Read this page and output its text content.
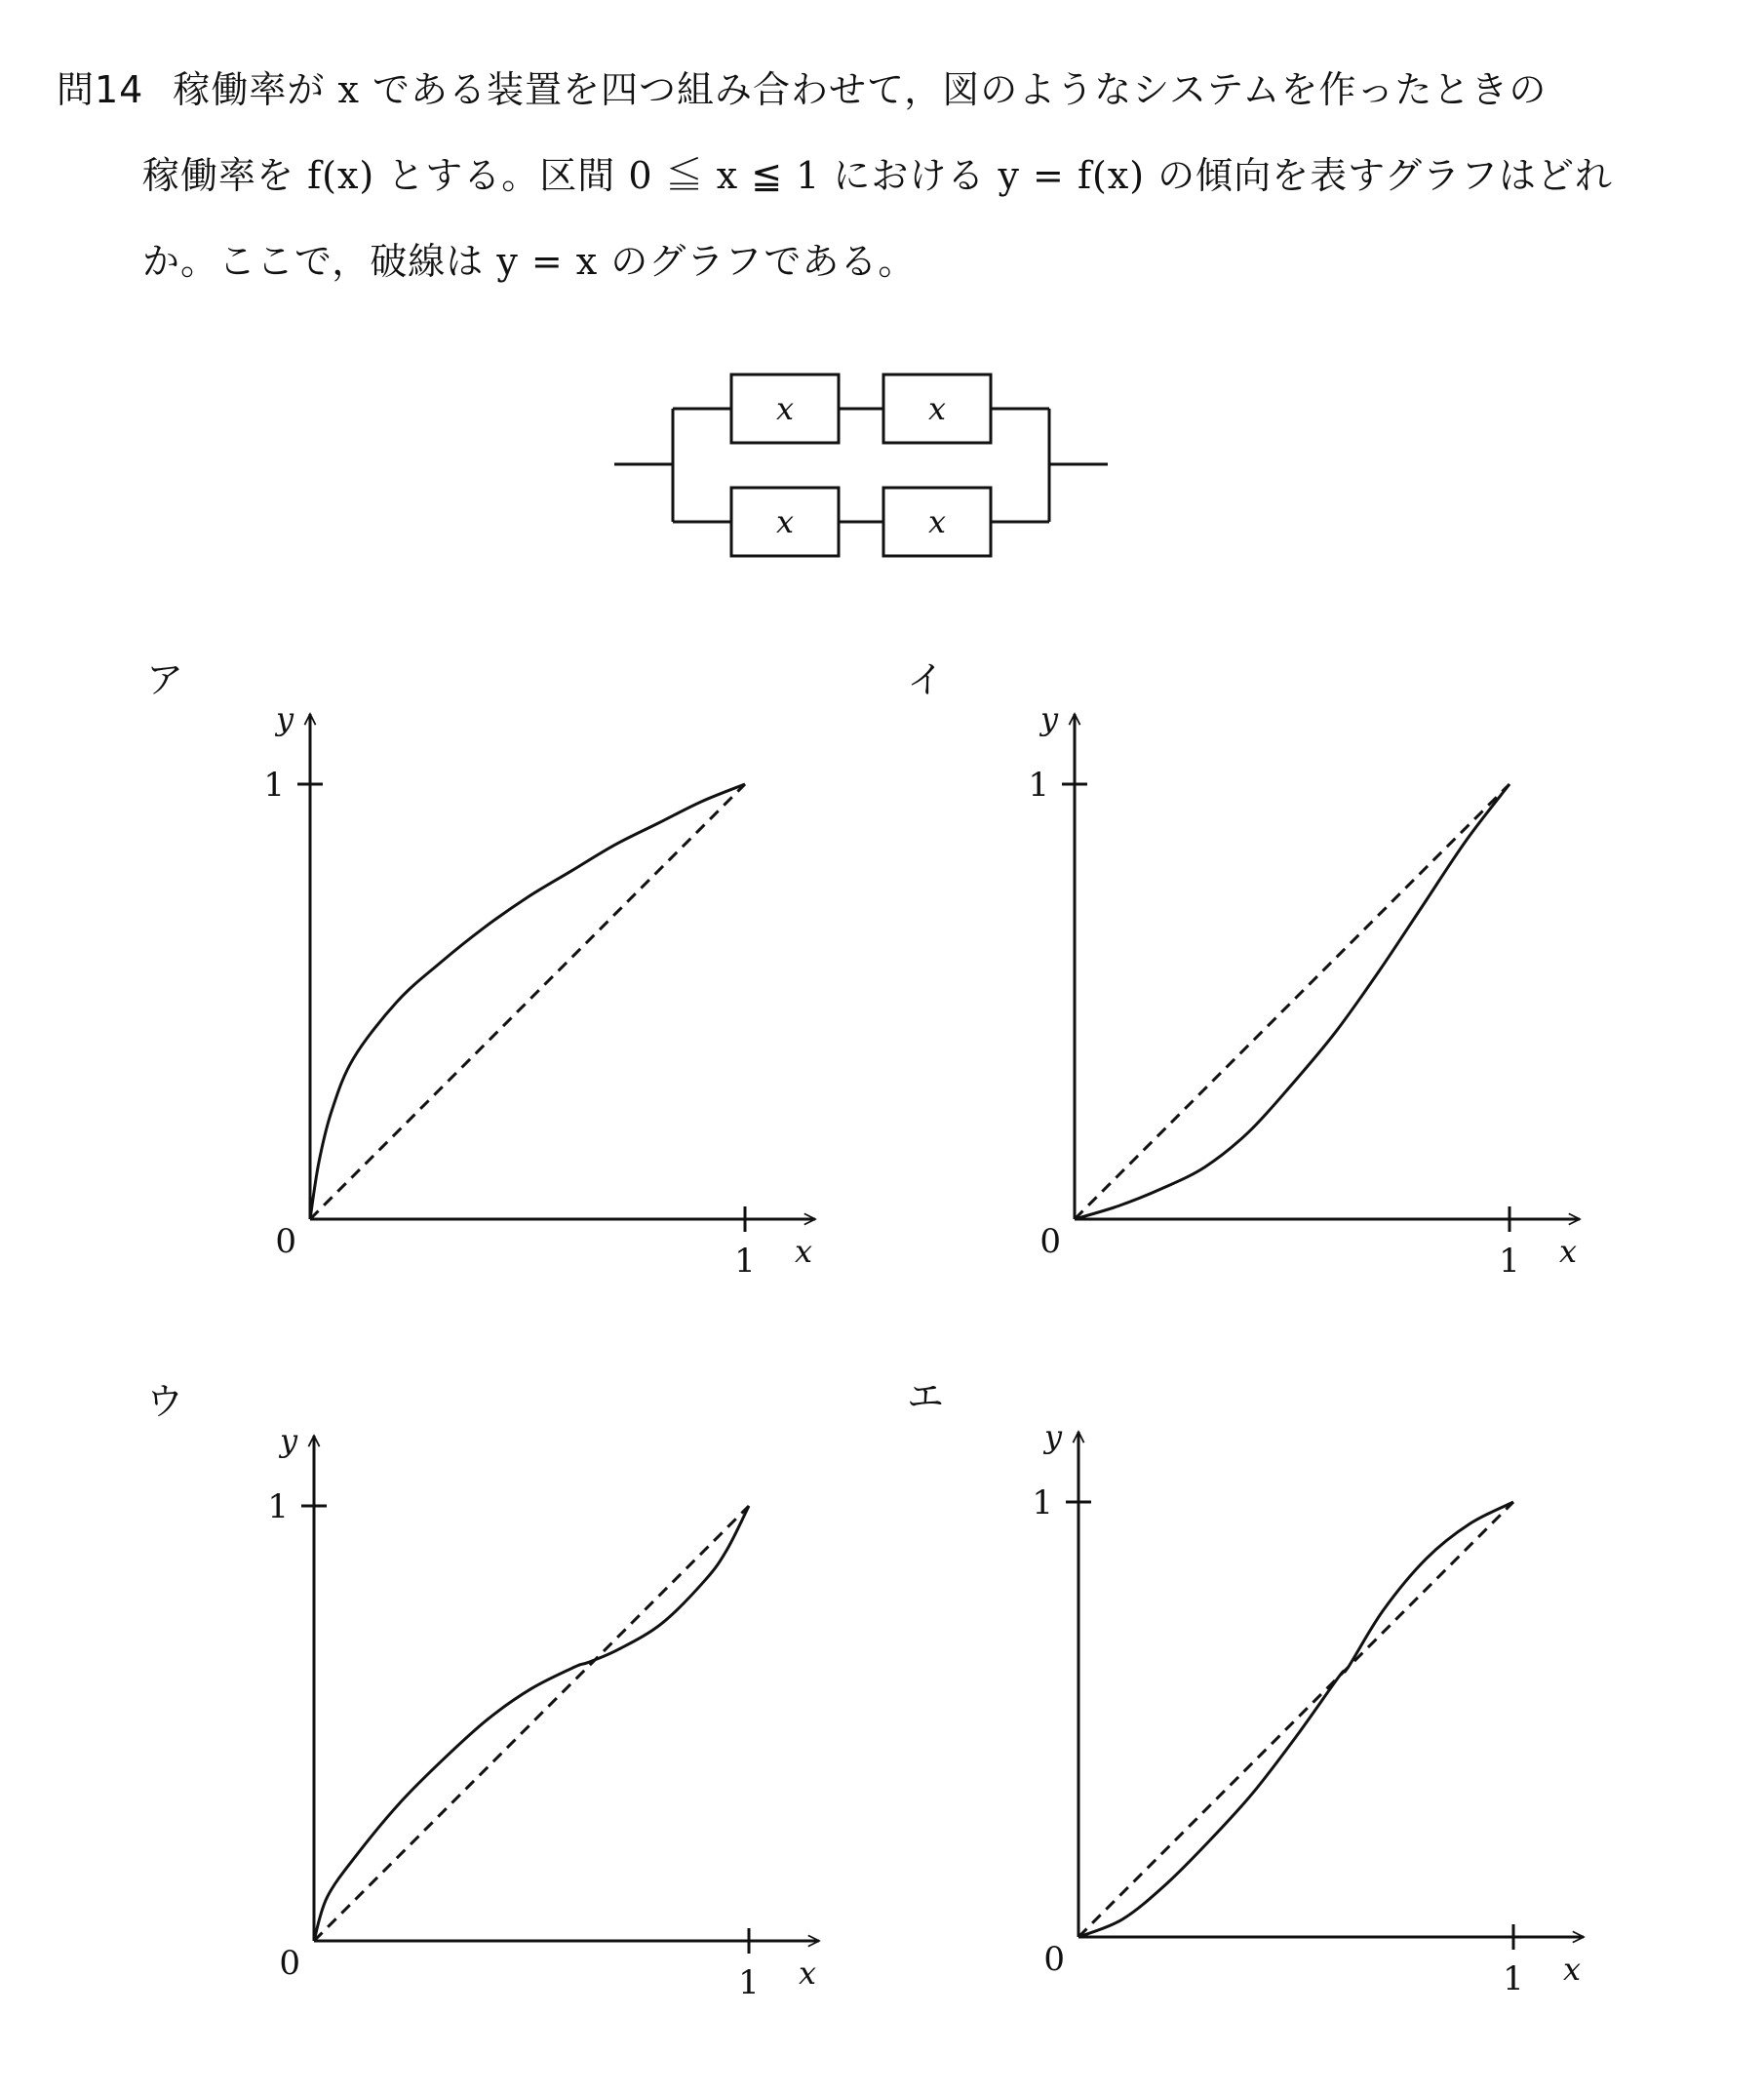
問14 稼働率が x である装置を四つ組み合わせて，図のようなシステムを作ったときの
稼働率を f(x) とする。区間 0 ≦ x ≦ 1 における y = f(x) の傾向を表すグラフはどれ
か。ここで，破線は y = x のグラフである。
x	x
x	x
ア
0	1
1
x
y
イ
0	1
1
x
y
ウ
0	1
1
x
y
エ
0	1
1
x
y
